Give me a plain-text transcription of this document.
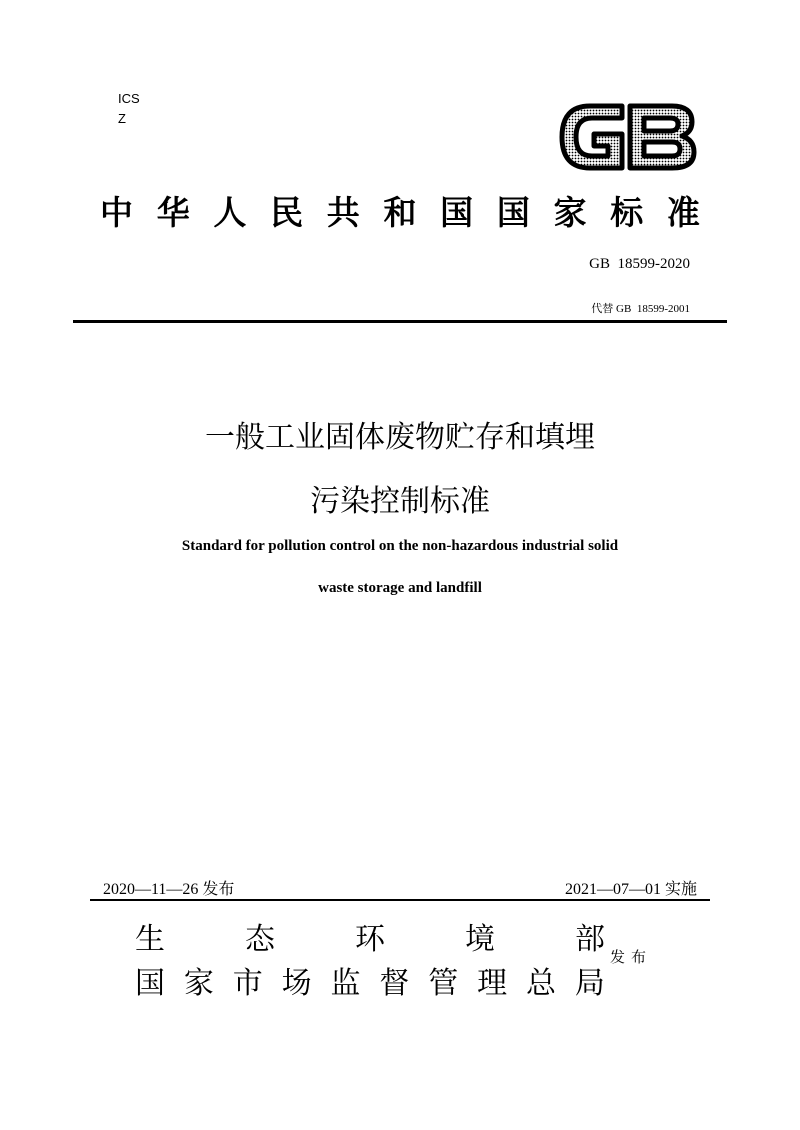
ICS
Z
中 华 人 民 共 和 国 国 家 标 准
GB  18599-2020
代替 GB  18599-2001
一般工业固体废物贮存和填埋
污染控制标准
Standard for pollution control on the non-hazardous industrial solid
waste storage and landfill
2020—11—26 发布	2021—07—01 实施
生	态	环	境	部
国 家 市 场 监 督 管 理 总 局
发布
